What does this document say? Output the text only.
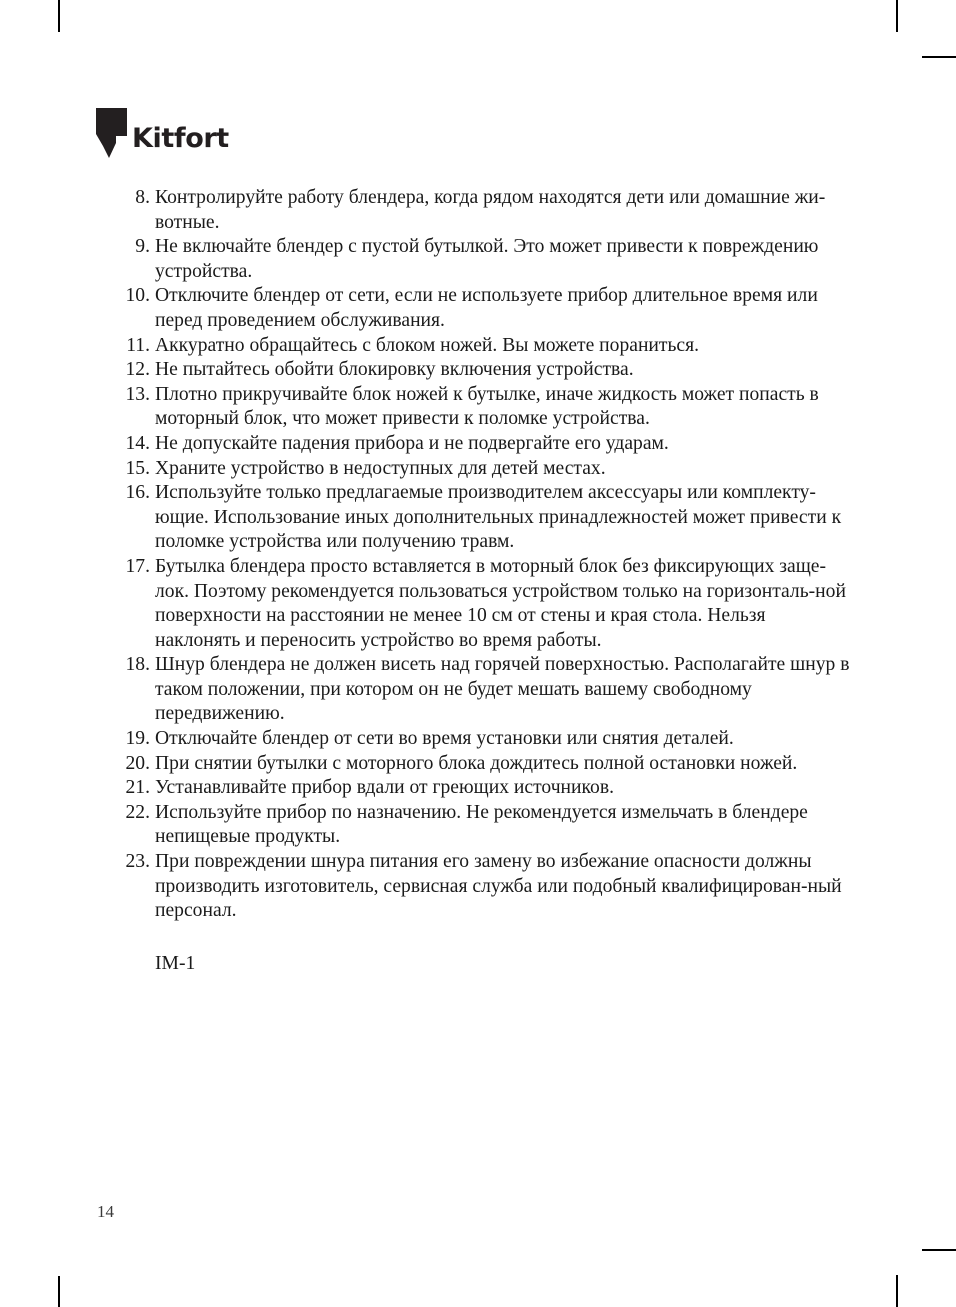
Kitfort
8. Контролируйте работу блендера, когда рядом находятся дети или домашние жи-вотные.
9. Не включайте блендер с пустой бутылкой. Это может привести к повреждению устройства.
10. Отключите блендер от сети, если не используете прибор длительное время или перед проведением обслуживания.
11. Аккуратно обращайтесь с блоком ножей. Вы можете пораниться.
12. Не пытайтесь обойти блокировку включения устройства.
13. Плотно прикручивайте блок ножей к бутылке, иначе жидкость может попасть в моторный блок, что может привести к поломке устройства.
14. Не допускайте падения прибора и не подвергайте его ударам.
15. Храните устройство в недоступных для детей местах.
16. Используйте только предлагаемые производителем аксессуары или комплекту-ющие. Использование иных дополнительных принадлежностей может привести к поломке устройства или получению травм.
17. Бутылка блендера просто вставляется в моторный блок без фиксирующих заще-лок. Поэтому рекомендуется пользоваться устройством только на горизонталь-ной поверхности на расстоянии не менее 10 см от стены и края стола. Нельзя наклонять и переносить устройство во время работы.
18. Шнур блендера не должен висеть над горячей поверхностью. Располагайте шнур в таком положении, при котором он не будет мешать вашему свободному передвижению.
19. Отключайте блендер от сети во время установки или снятия деталей.
20. При снятии бутылки с моторного блока дождитесь полной остановки ножей.
21. Устанавливайте прибор вдали от греющих источников.
22. Используйте прибор по назначению. Не рекомендуется измельчать в блендере непищевые продукты.
23. При повреждении шнура питания его замену во избежание опасности должны производить изготовитель, сервисная служба или подобный квалифицирован-ный персонал.
IM-1
14
